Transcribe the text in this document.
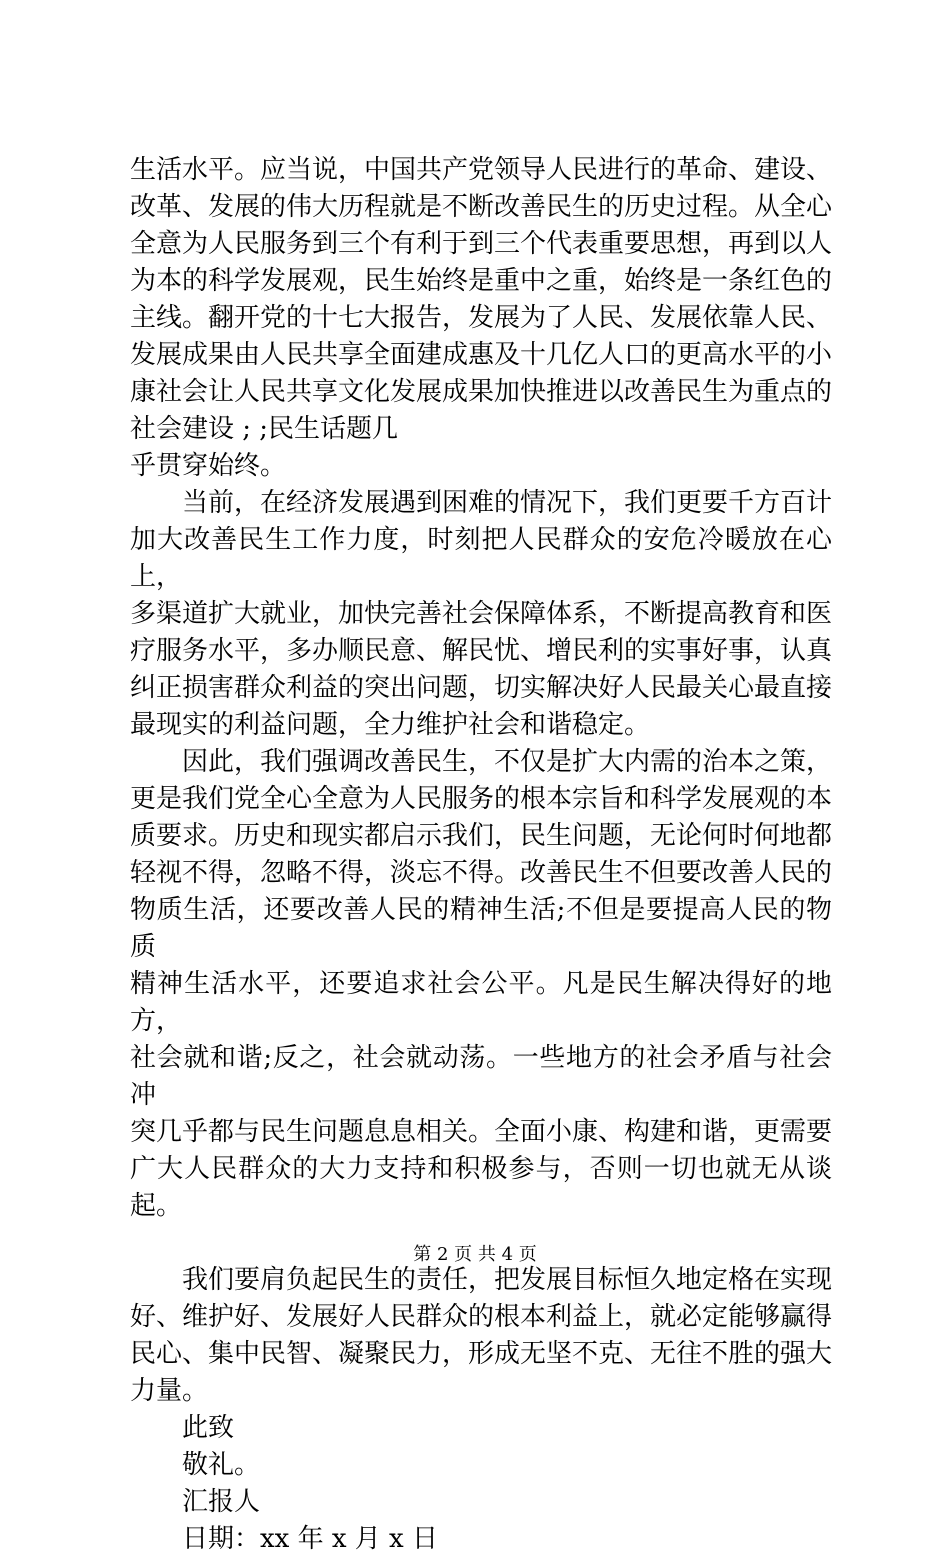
生活水平。应当说，中国共产党领导人民进行的革命、建设、
改革、发展的伟大历程就是不断改善民生的历史过程。从全心
全意为人民服务到三个有利于到三个代表重要思想，再到以人
为本的科学发展观，民生始终是重中之重，始终是一条红色的
主线。翻开党的十七大报告，发展为了人民、发展依靠人民、
发展成果由人民共享全面建成惠及十几亿人口的更高水平的小
康社会让人民共享文化发展成果加快推进以改善民生为重点的
社会建设 ; ;民生话题几
乎贯穿始终。

当前，在经济发展遇到困难的情况下，我们更要千方百计
加大改善民生工作力度，时刻把人民群众的安危冷暖放在心上，
多渠道扩大就业，加快完善社会保障体系，不断提高教育和医
疗服务水平，多办顺民意、解民忧、增民利的实事好事，认真
纠正损害群众利益的突出问题，切实解决好人民最关心最直接
最现实的利益问题，全力维护社会和谐稳定。

因此，我们强调改善民生，不仅是扩大内需的治本之策，
更是我们党全心全意为人民服务的根本宗旨和科学发展观的本
质要求。历史和现实都启示我们，民生问题，无论何时何地都
轻视不得，忽略不得，淡忘不得。改善民生不但要改善人民的
物质生活，还要改善人民的精神生活;不但是要提高人民的物质
精神生活水平，还要追求社会公平。凡是民生解决得好的地方，
社会就和谐;反之，社会就动荡。一些地方的社会矛盾与社会冲
突几乎都与民生问题息息相关。全面小康、构建和谐，更需要
广大人民群众的大力支持和积极参与，否则一切也就无从谈起。

我们要肩负起民生的责任，把发展目标恒久地定格在实现
好、维护好、发展好人民群众的根本利益上，就必定能够赢得
民心、集中民智、凝聚民力，形成无坚不克、无往不胜的强大
力量。

此致

敬礼。

汇报人

日期：xx 年 x 月 x 日

第 2 页 共 4 页
